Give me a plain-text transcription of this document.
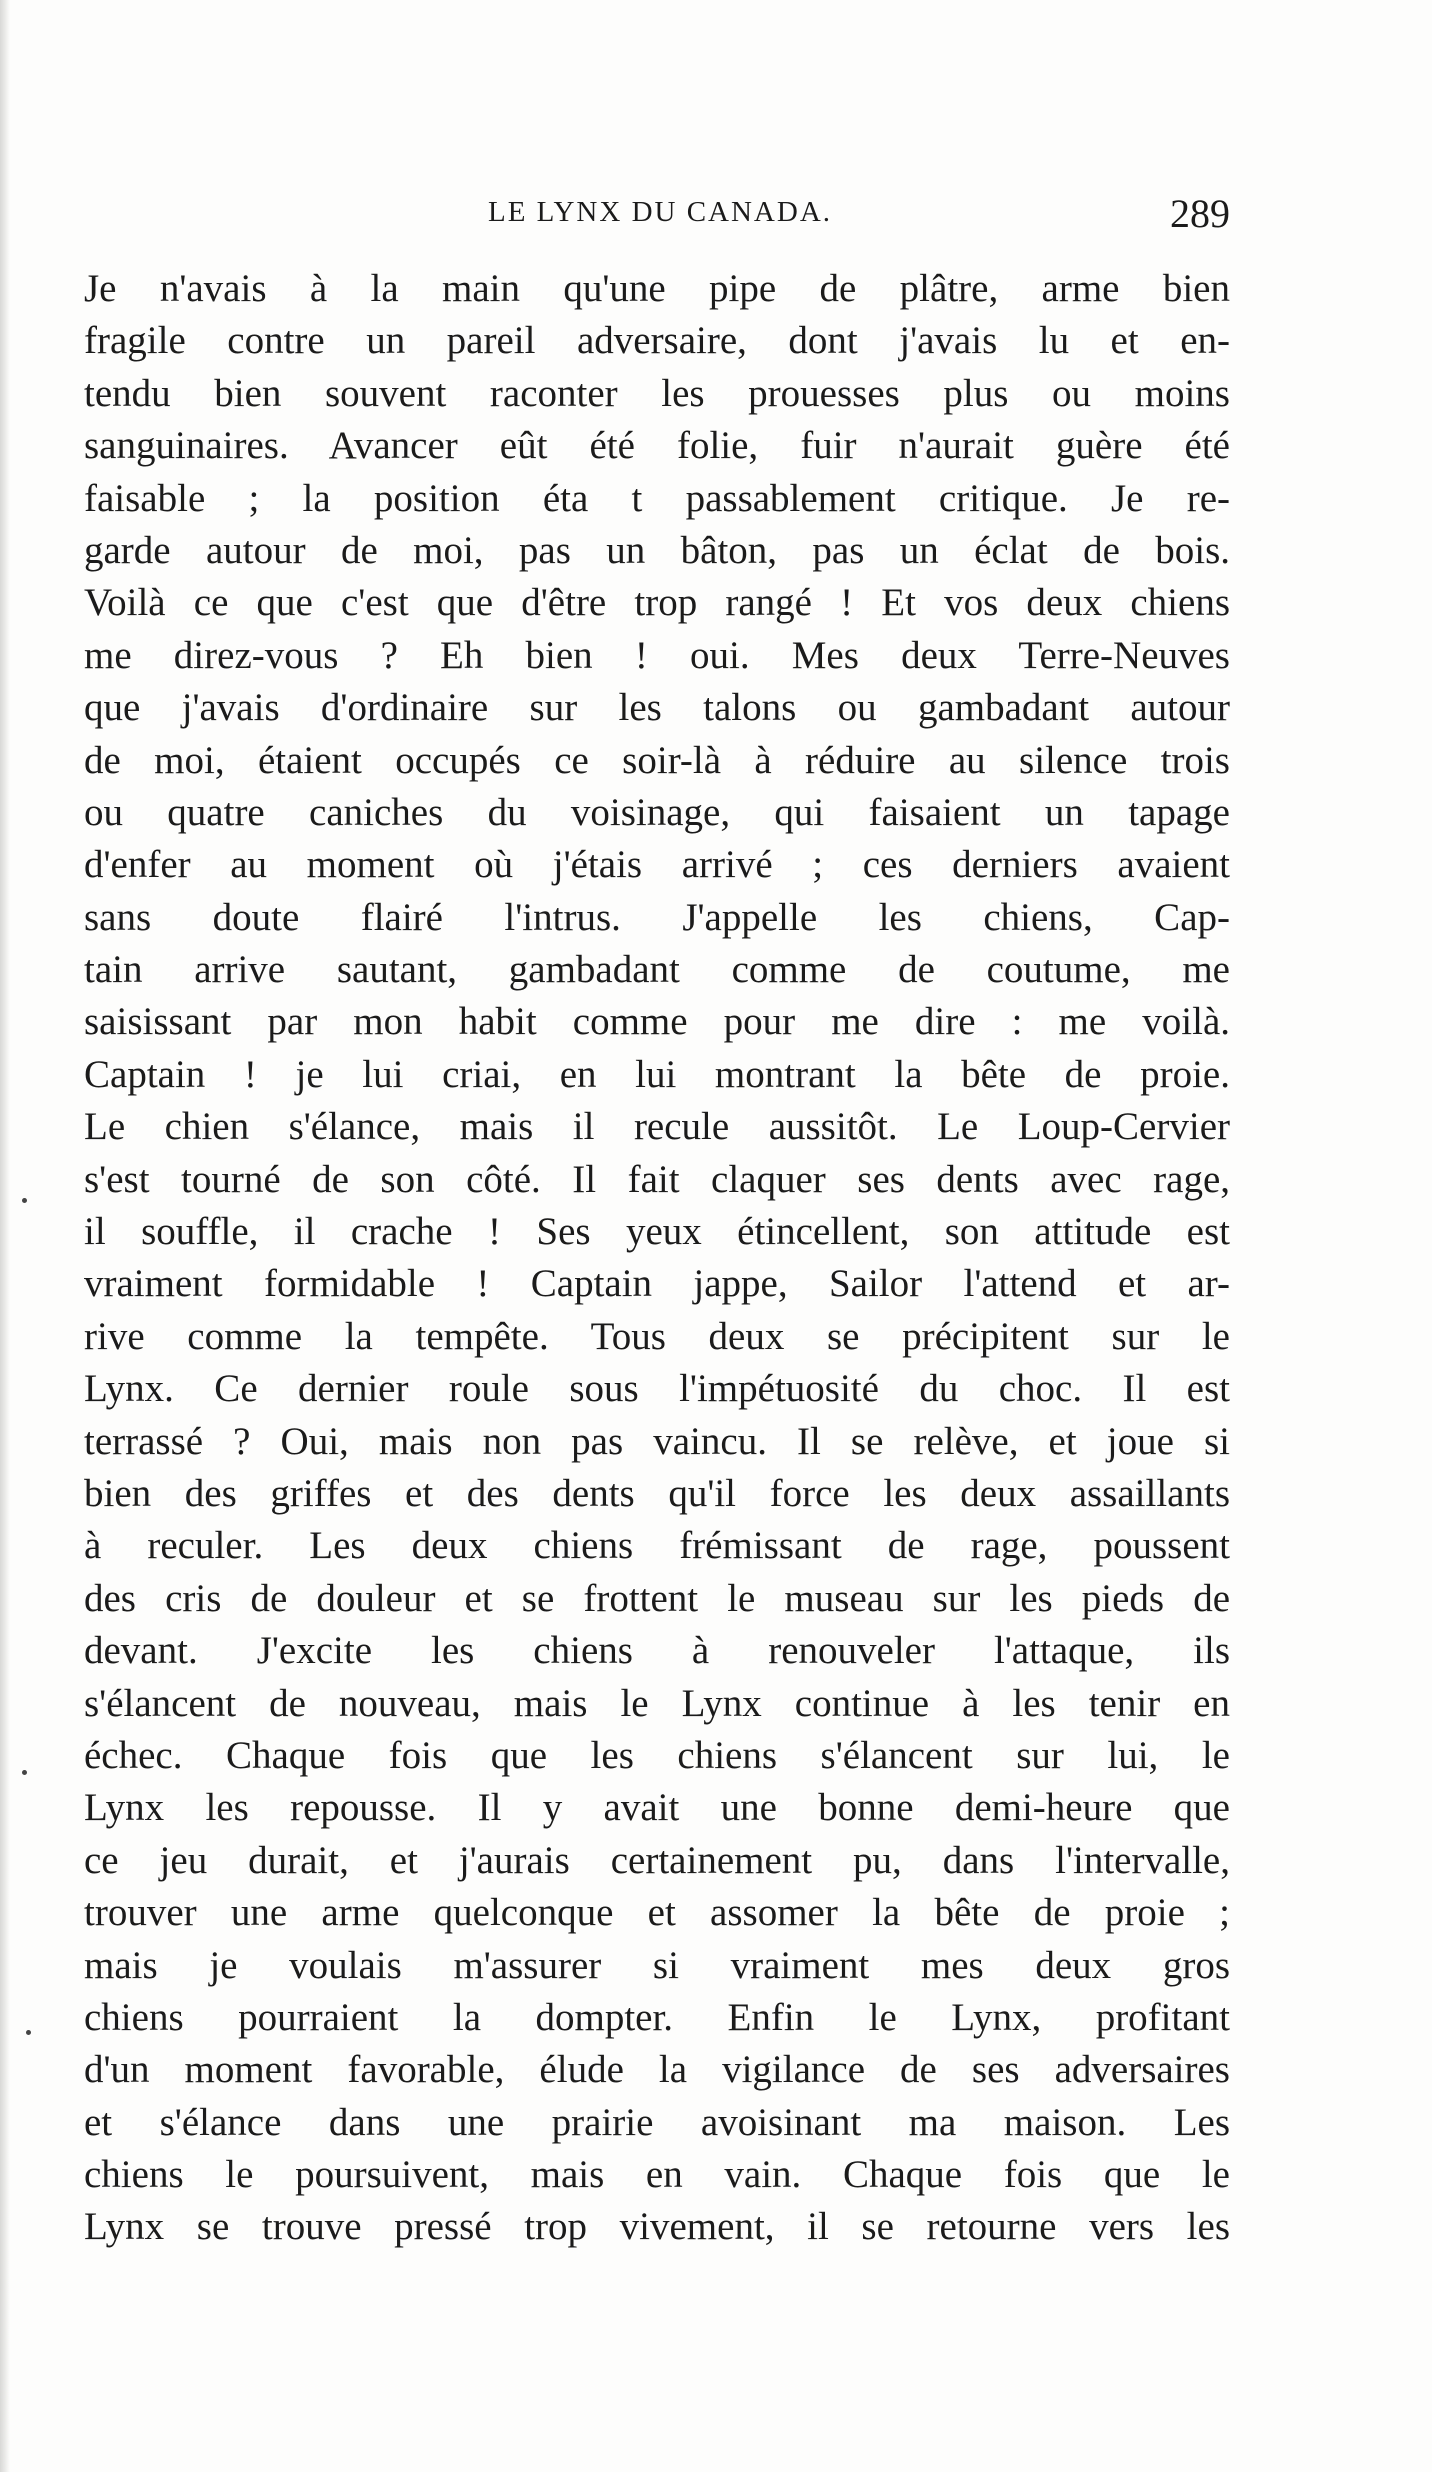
LE LYNX DU CANADA.	289
Je n'avais à la main qu'une pipe de plâtre, arme bien
fragile contre un pareil adversaire, dont j'avais lu et en-
tendu bien souvent raconter les prouesses plus ou moins
sanguinaires. Avancer eût été folie, fuir n'aurait guère été
faisable ; la position éta t passablement critique. Je re-
garde autour de moi, pas un bâton, pas un éclat de bois.
Voilà ce que c'est que d'être trop rangé ! Et vos deux chiens
me direz-vous ? Eh bien ! oui. Mes deux Terre-Neuves
que j'avais d'ordinaire sur les talons ou gambadant autour
de moi, étaient occupés ce soir-là à réduire au silence trois
ou quatre caniches du voisinage, qui faisaient un tapage
d'enfer au moment où j'étais arrivé ; ces derniers avaient
sans doute flairé l'intrus. J'appelle les chiens, Cap-
tain arrive sautant, gambadant comme de coutume, me
saisissant par mon habit comme pour me dire : me voilà.
Captain ! je lui criai, en lui montrant la bête de proie.
Le chien s'élance, mais il recule aussitôt. Le Loup-Cervier
s'est tourné de son côté. Il fait claquer ses dents avec rage,
il souffle, il crache ! Ses yeux étincellent, son attitude est
vraiment formidable ! Captain jappe, Sailor l'attend et ar-
rive comme la tempête. Tous deux se précipitent sur le
Lynx. Ce dernier roule sous l'impétuosité du choc. Il est
terrassé ? Oui, mais non pas vaincu. Il se relève, et joue si
bien des griffes et des dents qu'il force les deux assaillants
à reculer. Les deux chiens frémissant de rage, poussent
des cris de douleur et se frottent le museau sur les pieds de
devant. J'excite les chiens à renouveler l'attaque, ils
s'élancent de nouveau, mais le Lynx continue à les tenir en
échec. Chaque fois que les chiens s'élancent sur lui, le
Lynx les repousse. Il y avait une bonne demi-heure que
ce jeu durait, et j'aurais certainement pu, dans l'intervalle,
trouver une arme quelconque et assomer la bête de proie ;
mais je voulais m'assurer si vraiment mes deux gros
chiens pourraient la dompter. Enfin le Lynx, profitant
d'un moment favorable, élude la vigilance de ses adversaires
et s'élance dans une prairie avoisinant ma maison. Les
chiens le poursuivent, mais en vain. Chaque fois que le
Lynx se trouve pressé trop vivement, il se retourne vers les
